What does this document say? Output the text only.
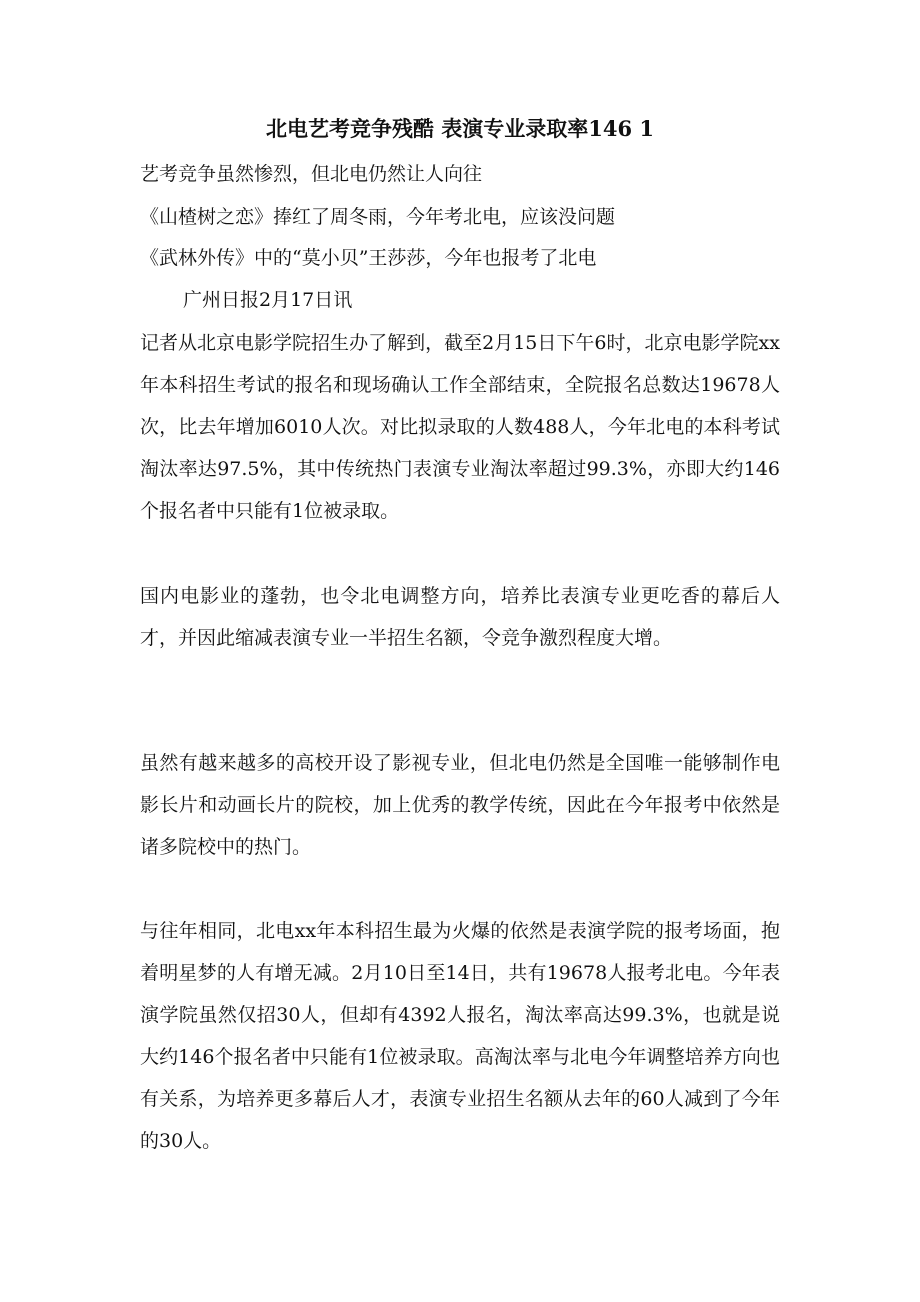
北电艺考竞争残酷 表演专业录取率146 1
艺考竞争虽然惨烈，但北电仍然让人向往
《山楂树之恋》捧红了周冬雨，今年考北电，应该没问题
《武林外传》中的“莫小贝”王莎莎，今年也报考了北电
广州日报2月17日讯
记者从北京电影学院招生办了解到，截至2月15日下午6时，北京电影学院xx年本科招生考试的报名和现场确认工作全部结束，全院报名总数达19678人次，比去年增加6010人次。对比拟录取的人数488人，今年北电的本科考试淘汰率达97.5%，其中传统热门表演专业淘汰率超过99.3%，亦即大约146个报名者中只能有1位被录取。
国内电影业的蓬勃，也令北电调整方向，培养比表演专业更吃香的幕后人才，并因此缩减表演专业一半招生名额，令竞争激烈程度大增。
虽然有越来越多的高校开设了影视专业，但北电仍然是全国唯一能够制作电影长片和动画长片的院校，加上优秀的教学传统，因此在今年报考中依然是诸多院校中的热门。
与往年相同，北电xx年本科招生最为火爆的依然是表演学院的报考场面，抱着明星梦的人有增无减。2月10日至14日，共有19678人报考北电。今年表演学院虽然仅招30人，但却有4392人报名，淘汰率高达99.3%，也就是说大约146个报名者中只能有1位被录取。高淘汰率与北电今年调整培养方向也有关系，为培养更多幕后人才，表演专业招生名额从去年的60人减到了今年的30人。
